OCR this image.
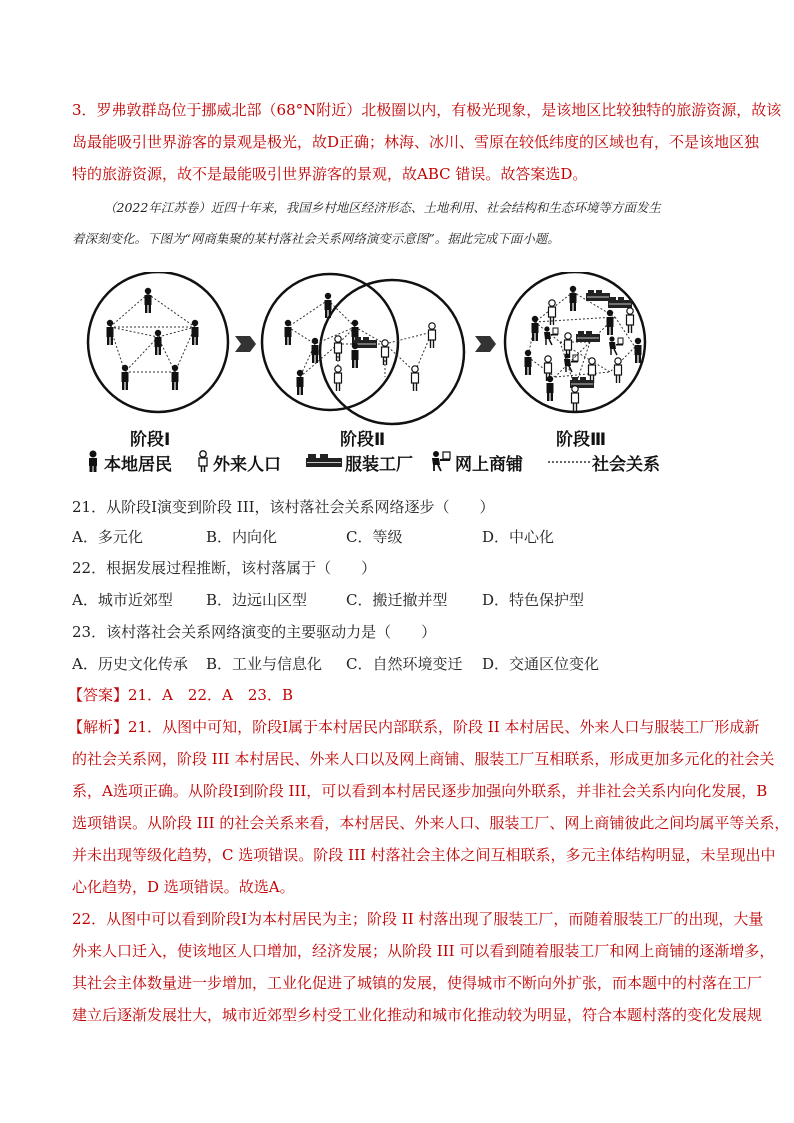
3．罗弗敦群岛位于挪威北部（68°N附近）北极圈以内，有极光现象，是该地区比较独特的旅游资源，故该
岛最能吸引世界游客的景观是极光，故D正确；林海、冰川、雪原在较低纬度的区域也有，不是该地区独
特的旅游资源，故不是最能吸引世界游客的景观，故ABC 错误。故答案选D。
（2022年江苏卷）近四十年来，我国乡村地区经济形态、土地利用、社会结构和生态环境等方面发生
着深刻变化。下图为“网商集聚的某村落社会关系网络演变示意图”。据此完成下面小题。
阶段Ⅰ	阶段Ⅱ	阶段Ⅲ
本地居民 外来人口	服装工厂 网上商铺	社会关系
21．从阶段Ⅰ演变到阶段 III，该村落社会关系网络逐步（　　）
A．多元化	B．内向化	C．等级	D．中心化
22．根据发展过程推断，该村落属于（　　）
A．城市近郊型 B．边远山区型	C．搬迁撤并型 D．特色保护型
23．该村落社会关系网络演变的主要驱动力是（　　）
A．历史文化传承 B．工业与信息化 C．自然环境变迁 D．交通区位变化
【答案】21．A　22．A　23．B
【解析】21．从图中可知，阶段Ⅰ属于本村居民内部联系，阶段 II 本村居民、外来人口与服装工厂形成新
的社会关系网，阶段 III 本村居民、外来人口以及网上商铺、服装工厂互相联系，形成更加多元化的社会关
系，A选项正确。从阶段Ⅰ到阶段 III，可以看到本村居民逐步加强向外联系，并非社会关系内向化发展，B
选项错误。从阶段 III 的社会关系来看，本村居民、外来人口、服装工厂、网上商铺彼此之间均属平等关系，
并未出现等级化趋势，C 选项错误。阶段 III 村落社会主体之间互相联系，多元主体结构明显，未呈现出中
心化趋势，D 选项错误。故选A。
22．从图中可以看到阶段Ⅰ为本村居民为主；阶段 II 村落出现了服装工厂，而随着服装工厂的出现，大量
外来人口迁入，使该地区人口增加，经济发展；从阶段 III 可以看到随着服装工厂和网上商铺的逐渐增多，
其社会主体数量进一步增加，工业化促进了城镇的发展，使得城市不断向外扩张，而本题中的村落在工厂
建立后逐渐发展壮大，城市近郊型乡村受工业化推动和城市化推动较为明显，符合本题村落的变化发展规
